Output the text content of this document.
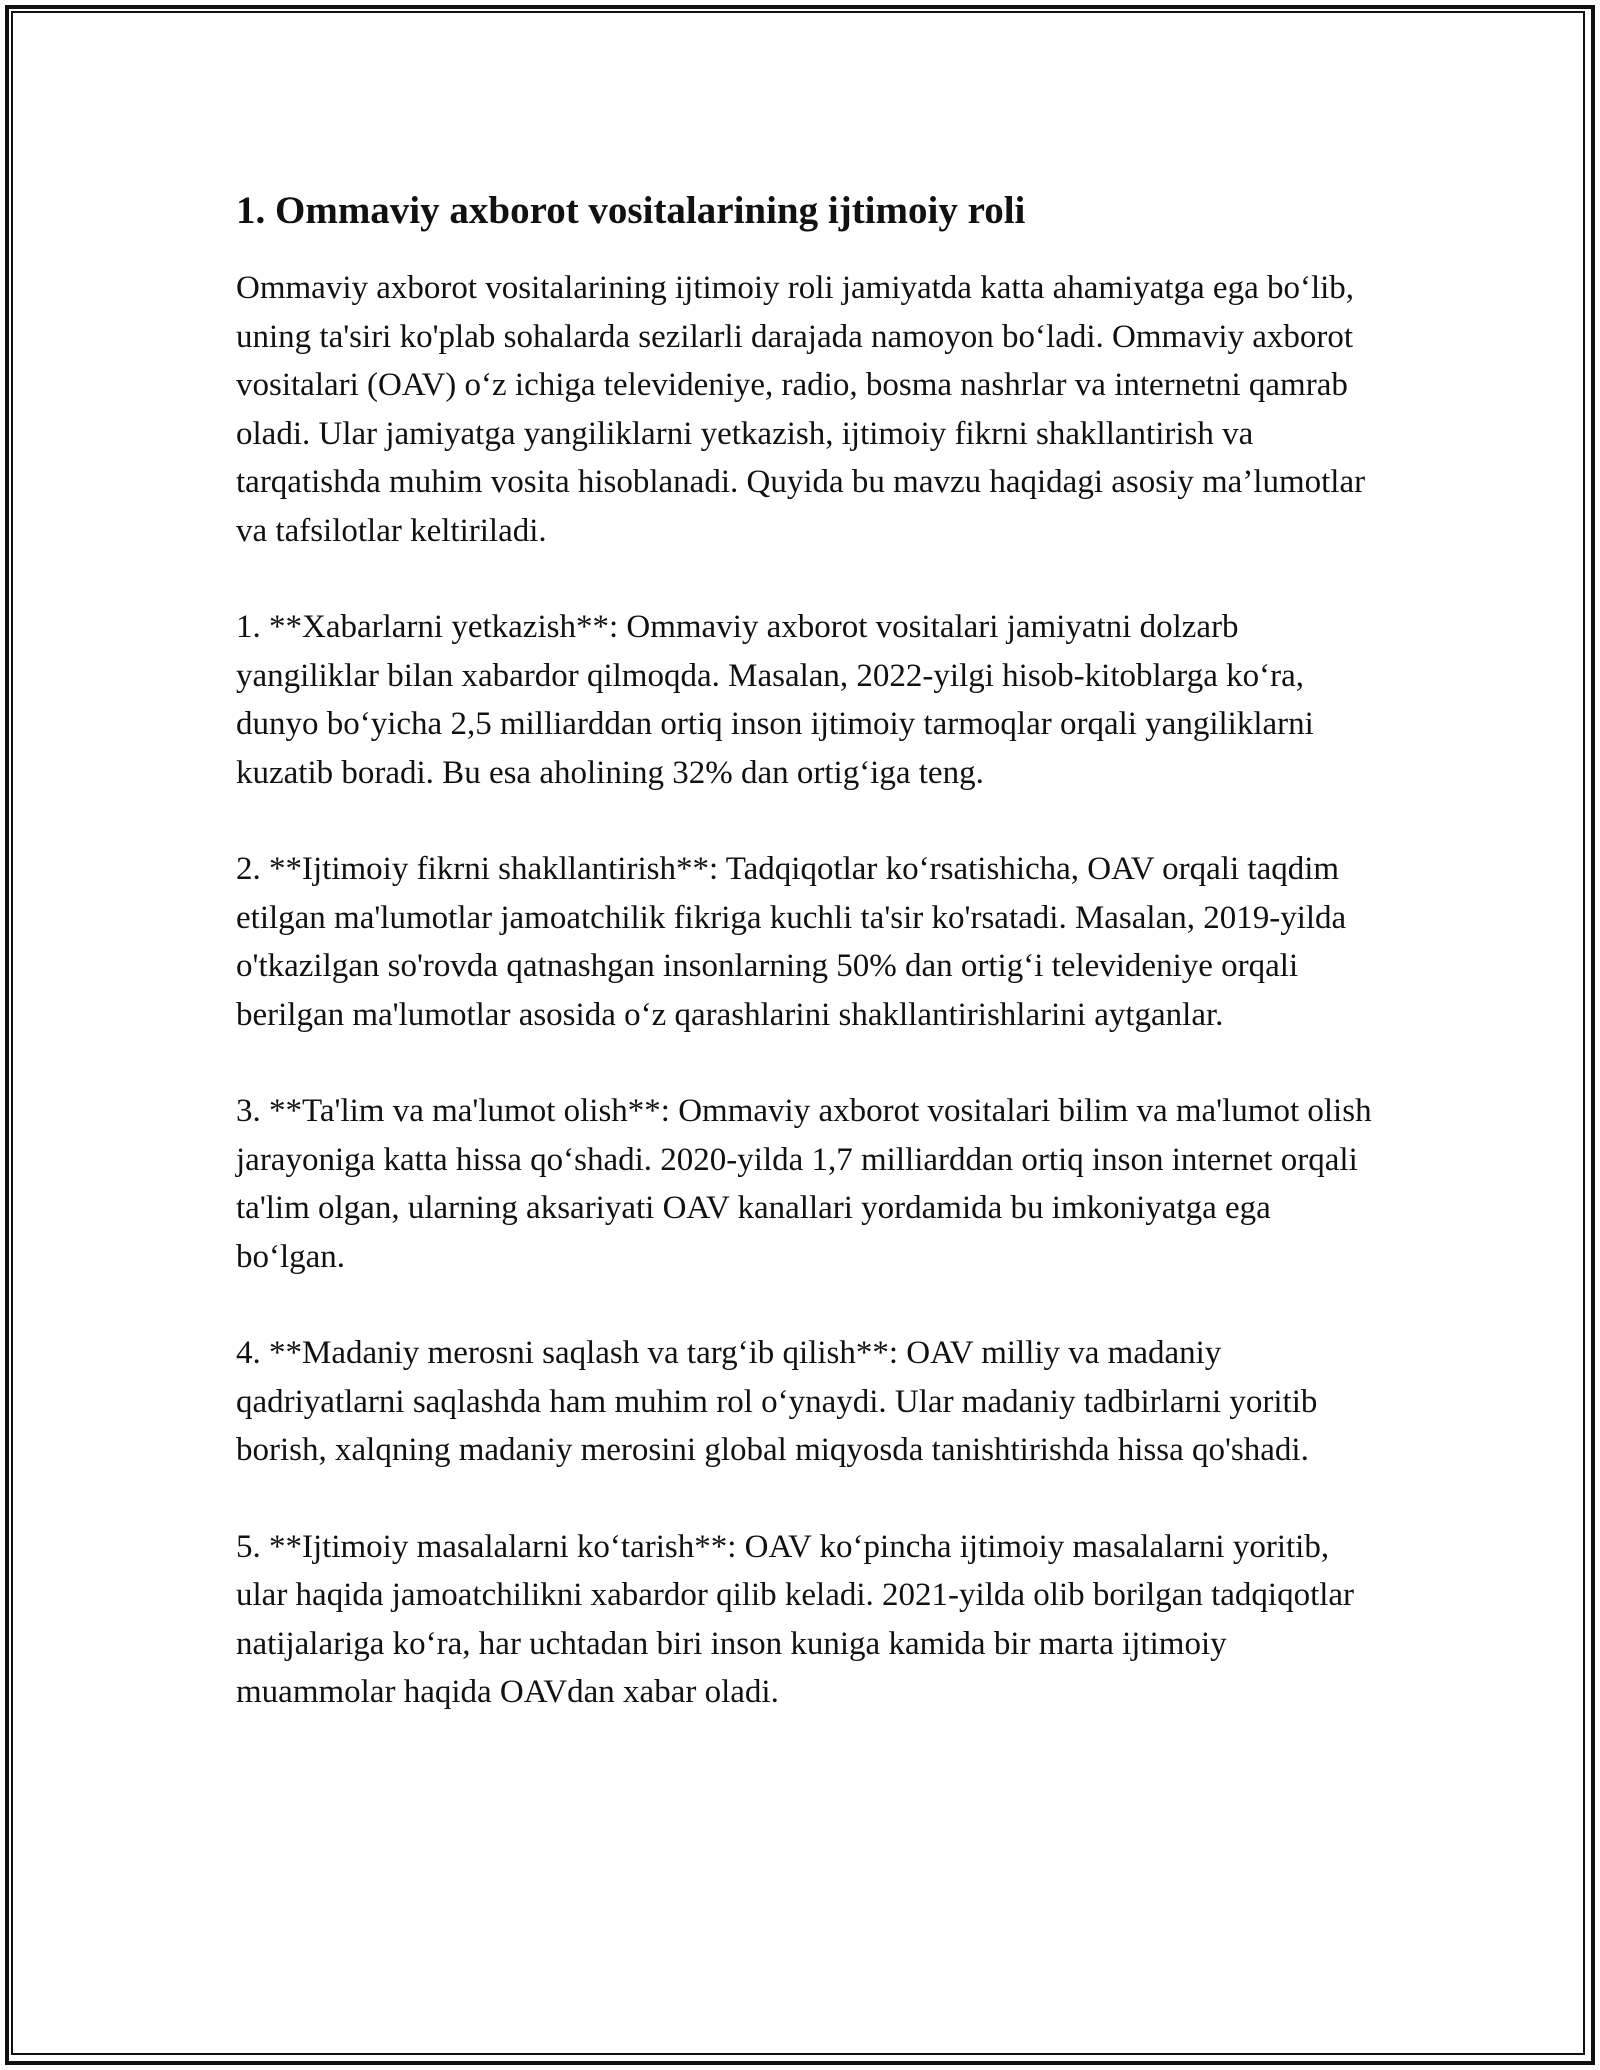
1. Ommaviy axborot vositalarining ijtimoiy roli

Ommaviy axborot vositalarining ijtimoiy roli jamiyatda katta ahamiyatga ega bo‘lib, uning ta'siri ko'plab sohalarda sezilarli darajada namoyon bo‘ladi. Ommaviy axborot vositalari (OAV) o‘z ichiga televideniye, radio, bosma nashrlar va internetni qamrab oladi. Ular jamiyatga yangiliklarni yetkazish, ijtimoiy fikrni shakllantirish va tarqatishda muhim vosita hisoblanadi. Quyida bu mavzu haqidagi asosiy ma’lumotlar va tafsilotlar keltiriladi.

1. **Xabarlarni yetkazish**: Ommaviy axborot vositalari jamiyatni dolzarb yangiliklar bilan xabardor qilmoqda. Masalan, 2022-yilgi hisob-kitoblarga ko‘ra, dunyo bo‘yicha 2,5 milliarddan ortiq inson ijtimoiy tarmoqlar orqali yangiliklarni kuzatib boradi. Bu esa aholining 32% dan ortig‘iga teng.

2. **Ijtimoiy fikrni shakllantirish**: Tadqiqotlar ko‘rsatishicha, OAV orqali taqdim etilgan ma'lumotlar jamoatchilik fikriga kuchli ta'sir ko'rsatadi. Masalan, 2019-yilda o'tkazilgan so'rovda qatnashgan insonlarning 50% dan ortig‘i televideniye orqali berilgan ma'lumotlar asosida o‘z qarashlarini shakllantirishlarini aytganlar.

3. **Ta'lim va ma'lumot olish**: Ommaviy axborot vositalari bilim va ma'lumot olish jarayoniga katta hissa qo‘shadi. 2020-yilda 1,7 milliarddan ortiq inson internet orqali ta'lim olgan, ularning aksariyati OAV kanallari yordamida bu imkoniyatga ega bo‘lgan.

4. **Madaniy merosni saqlash va targ‘ib qilish**: OAV milliy va madaniy qadriyatlarni saqlashda ham muhim rol o‘ynaydi. Ular madaniy tadbirlarni yoritib borish, xalqning madaniy merosini global miqyosda tanishtirishda hissa qo'shadi.

5. **Ijtimoiy masalalarni ko‘tarish**: OAV ko‘pincha ijtimoiy masalalarni yoritib, ular haqida jamoatchilikni xabardor qilib keladi. 2021-yilda olib borilgan tadqiqotlar natijalariga ko‘ra, har uchtadan biri inson kuniga kamida bir marta ijtimoiy muammolar haqida OAVdan xabar oladi.
